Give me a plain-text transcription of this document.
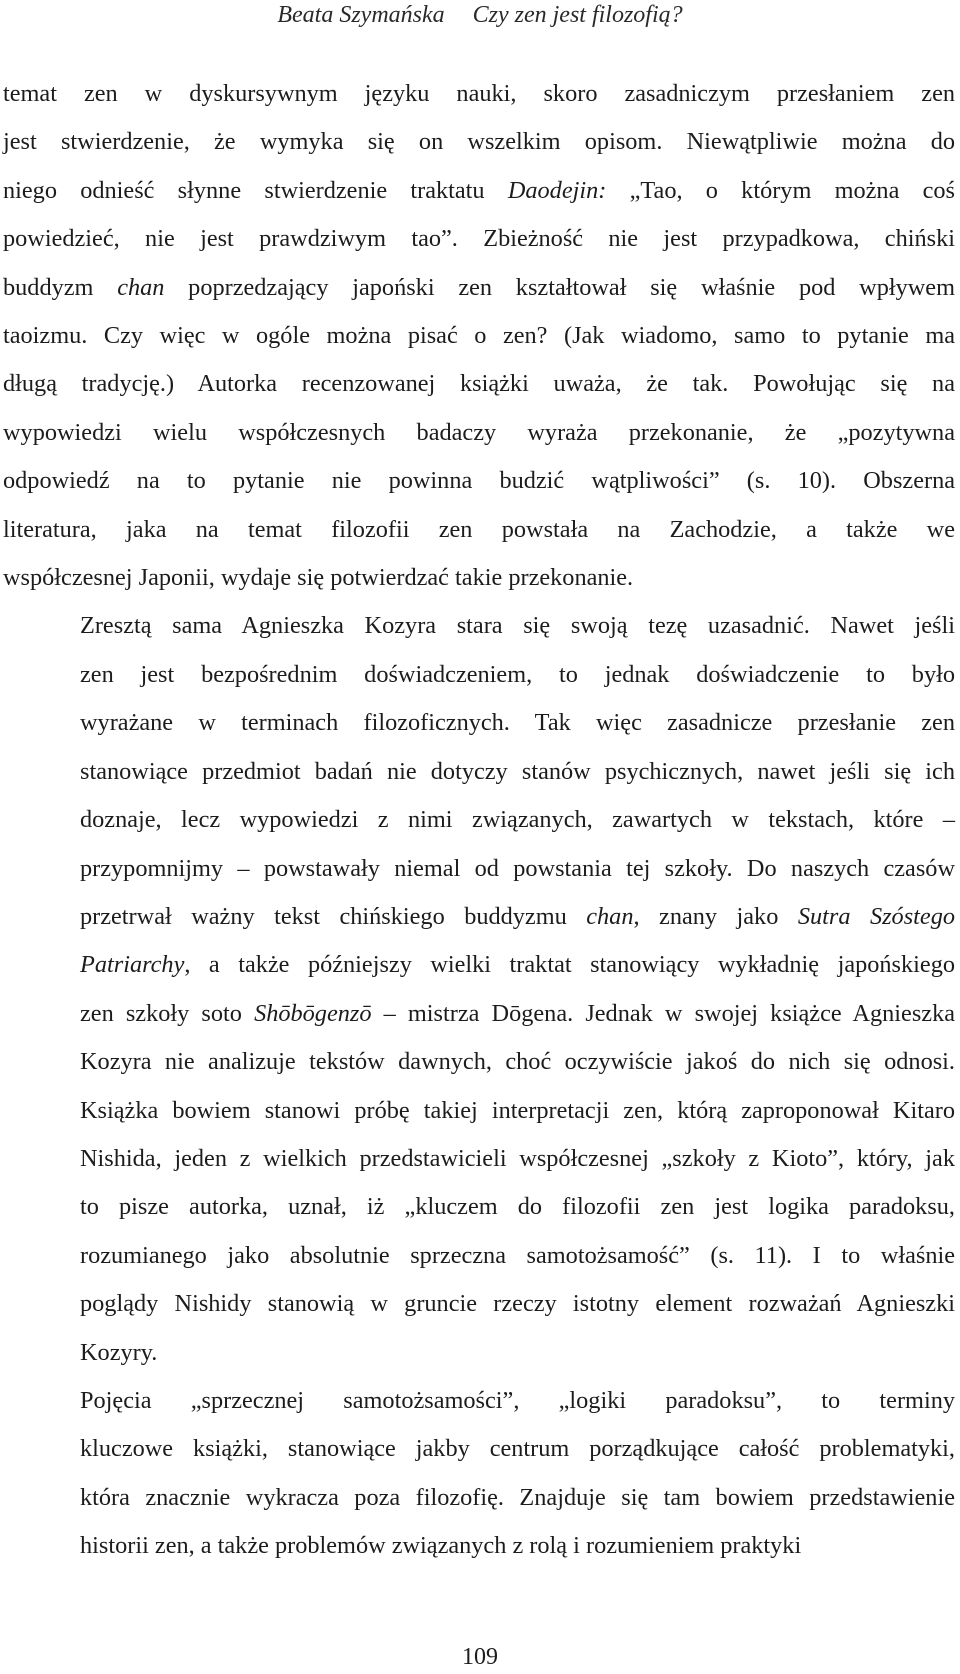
Beata Szymańska Czy zen jest filozofią?

temat zen w dyskursywnym języku nauki, skoro zasadniczym przesłaniem zen
jest stwierdzenie, że wymyka się on wszelkim opisom. Niewątpliwie można do
niego odnieść słynne stwierdzenie traktatu Daodejin: „Tao, o którym można coś
powiedzieć, nie jest prawdziwym tao”. Zbieżność nie jest przypadkowa, chiński
buddyzm chan poprzedzający japoński zen kształtował się właśnie pod wpływem
taoizmu. Czy więc w ogóle można pisać o zen? (Jak wiadomo, samo to pytanie ma
długą tradycję.) Autorka recenzowanej książki uważa, że tak. Powołując się na
wypowiedzi wielu współczesnych badaczy wyraża przekonanie, że „pozytywna
odpowiedź na to pytanie nie powinna budzić wątpliwości” (s. 10). Obszerna
literatura, jaka na temat filozofii zen powstała na Zachodzie, a także we
współczesnej Japonii, wydaje się potwierdzać takie przekonanie.

Zresztą sama Agnieszka Kozyra stara się swoją tezę uzasadnić. Nawet jeśli
zen jest bezpośrednim doświadczeniem, to jednak doświadczenie to było
wyrażane w terminach filozoficznych. Tak więc zasadnicze przesłanie zen
stanowiące przedmiot badań nie dotyczy stanów psychicznych, nawet jeśli się ich
doznaje, lecz wypowiedzi z nimi związanych, zawartych w tekstach, które –
przypomnijmy – powstawały niemal od powstania tej szkoły. Do naszych czasów
przetrwał ważny tekst chińskiego buddyzmu chan, znany jako Sutra Szóstego
Patriarchy, a także późniejszy wielki traktat stanowiący wykładnię japońskiego
zen szkoły soto Shōbōgenzō – mistrza Dōgena. Jednak w swojej książce Agnieszka
Kozyra nie analizuje tekstów dawnych, choć oczywiście jakoś do nich się odnosi.
Książka bowiem stanowi próbę takiej interpretacji zen, którą zaproponował Kitaro
Nishida, jeden z wielkich przedstawicieli współczesnej „szkoły z Kioto”, który, jak
to pisze autorka, uznał, iż „kluczem do filozofii zen jest logika paradoksu,
rozumianego jako absolutnie sprzeczna samotożsamość” (s. 11). I to właśnie
poglądy Nishidy stanowią w gruncie rzeczy istotny element rozważań Agnieszki
Kozyry.

Pojęcia „sprzecznej samotożsamości”, „logiki paradoksu”, to terminy
kluczowe książki, stanowiące jakby centrum porządkujące całość problematyki,
która znacznie wykracza poza filozofię. Znajduje się tam bowiem przedstawienie
historii zen, a także problemów związanych z rolą i rozumieniem praktyki

109
